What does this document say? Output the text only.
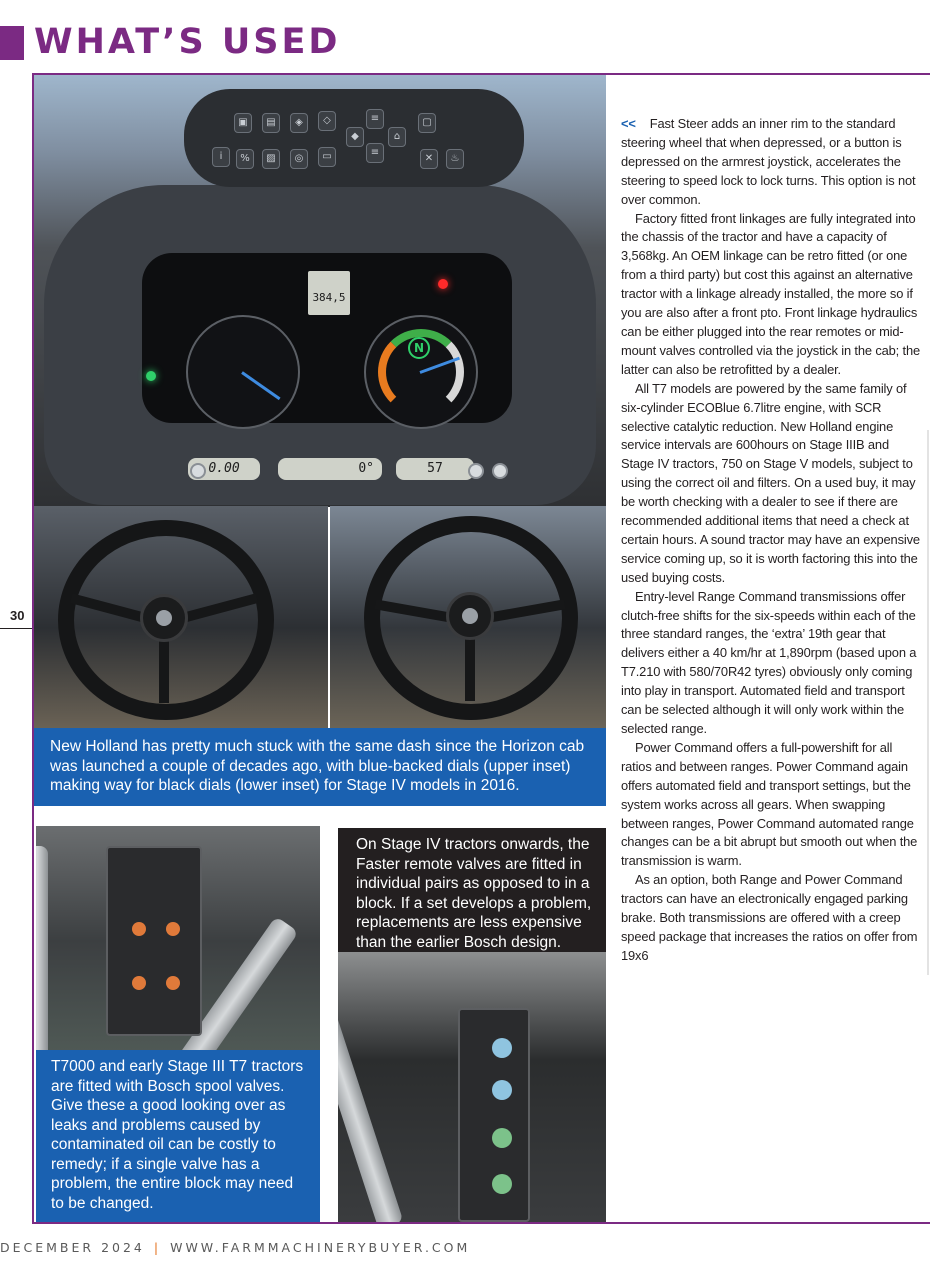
WHAT’S USED
30
▣	▤	◈	◇	≡	▢
i	%	▨	◎	▭
◆
≡
⌂
✕	♨
384,5
N
0.00	0°	57
New Holland has pretty much stuck with the same dash since the Horizon cab was launched a couple of decades ago, with blue-backed dials (upper inset) making way for black dials (lower inset) for Stage IV models in 2016.
T7000 and early Stage III T7 tractors are fitted with Bosch spool valves. Give these a good looking over as leaks and problems caused by contaminated oil can be costly to remedy; if a single valve has a problem, the entire block may need to be changed.
On Stage IV tractors onwards, the Faster remote valves are fitted in individual pairs as opposed to in a block. If a set develops a problem, replacements are less expensive than the earlier Bosch design.

<< Fast Steer adds an inner rim to the standard steering wheel that when depressed, or a button is depressed on the armrest joystick, accelerates the steering to speed lock to lock turns. This option is not over common.

Factory fitted front linkages are fully integrated into the chassis of the tractor and have a capacity of 3,568kg. An OEM linkage can be retro fitted (or one from a third party) but cost this against an alternative tractor with a linkage already installed, the more so if you are also after a front pto. Front linkage hydraulics can be either plugged into the rear remotes or mid-mount valves controlled via the joystick in the cab; the latter can also be retrofitted by a dealer.

All T7 models are powered by the same family of six-cylinder ECOBlue 6.7litre engine, with SCR selective catalytic reduction. New Holland engine service intervals are 600hours on Stage IIIB and Stage IV tractors, 750 on Stage V models, subject to using the correct oil and filters. On a used buy, it may be worth checking with a dealer to see if there are recommended additional items that need a check at certain hours. A sound tractor may have an expensive service coming up, so it is worth factoring this into the used buying costs.

Entry-level Range Command transmissions offer clutch-free shifts for the six-speeds within each of the three standard ranges, the ‘extra’ 19th gear that delivers either a 40 km/hr at 1,890rpm (based upon a T7.210 with 580/70R42 tyres) obviously only coming into play in transport. Automated field and transport can be selected although it will only work within the selected range.

Power Command offers a full-powershift for all ratios and between ranges. Power Command again offers automated field and transport settings, but the system works across all gears. When swapping between ranges, Power Command automated range changes can be a bit abrupt but smooth out when the transmission is warm.

As an option, both Range and Power Command tractors can have an electronically engaged parking brake. Both transmissions are offered with a creep speed package that increases the ratios on offer from 19x6

DECEMBER 2024 | WWW.FARMMACHINERYBUYER.COM
